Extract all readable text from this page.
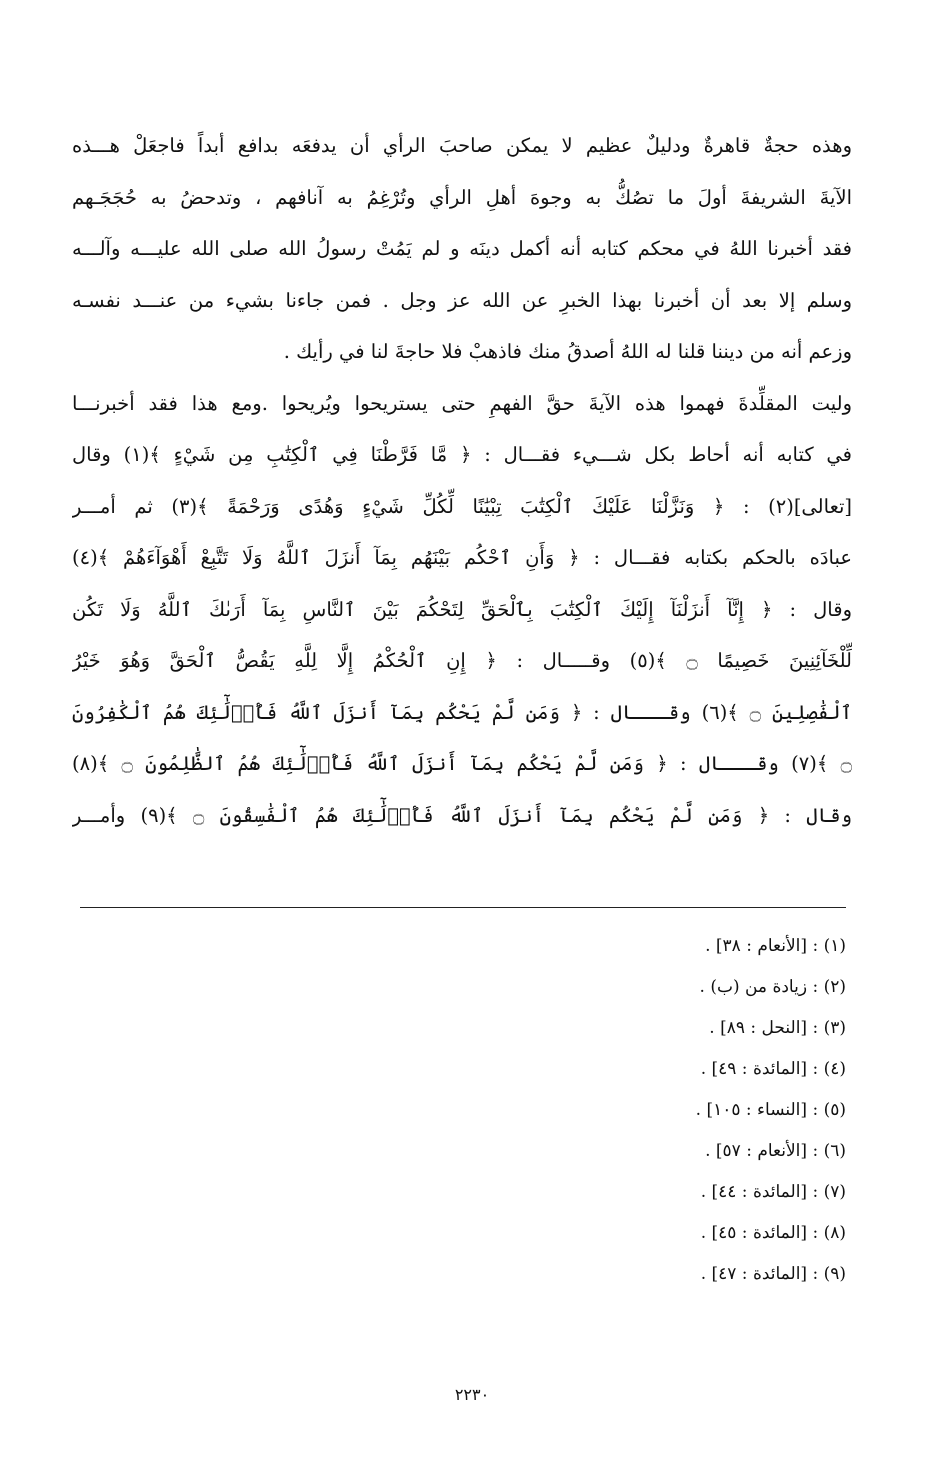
وهذه حجةٌ قاهرةٌ ودليلٌ عظيم لا يمكن صاحبَ الرأي أن يدفعَه بدافع أبداً فاجعَلْ هـــذه
الآيةَ الشريفةَ أولَ ما تصُكُّ به وجوهَ أهلِ الرأي وتُرْغِمُ به آنافهم ، وتدحضُ به حُجَجَـهم
فقد أخبرنا اللهُ في محكم كتابه أنه أكمل دينَه و لم يَمُتْ رسولُ الله صلى الله عليـــه وآلـــه
وسلم إلا بعد أن أخبرنا بهذا الخبرِ عن الله عز وجل . فمن جاءنا بشيء من عنـــد نفسـه
وزعم أنه من ديننا قلنا له اللهُ أصدقُ منك فاذهبْ فلا حاجةَ لنا في رأيك .
وليت المقلِّدةَ فهموا هذه الآيةَ حقَّ الفهمِ حتى يستريحوا ويُريحوا .ومع هذا فقد أخبرنـــا
في كتابه أنه أحاط بكل شـــيء فقـــال : ﴿ مَّا فَرَّطْنَا فِي ٱلْكِتَٰبِ مِن شَيْءٍ ﴾(١) وقال
[تعالى](٢) : ﴿ وَنَزَّلْنَا عَلَيْكَ ٱلْكِتَٰبَ تِبْيَٰنًا لِّكُلِّ شَيْءٍ وَهُدًى وَرَحْمَةً ﴾(٣) ثم أمـــر
عبادَه بالحكم بكتابه فقـــال : ﴿ وَأَنِ ٱحْكُم بَيْنَهُم بِمَآ أَنزَلَ ٱللَّهُ وَلَا تَتَّبِعْ أَهْوَآءَهُمْ ﴾(٤)
وقال : ﴿ إِنَّآ أَنزَلْنَآ إِلَيْكَ ٱلْكِتَٰبَ بِٱلْحَقِّ لِتَحْكُمَ بَيْنَ ٱلنَّاسِ بِمَآ أَرَىٰكَ ٱللَّهُ وَلَا تَكُن
لِّلْخَآئِنِينَ خَصِيمًا ۝ ﴾(٥) وقـــــال : ﴿ إِنِ ٱلْحُكْمُ إِلَّا لِلَّهِ يَقُصُّ ٱلْحَقَّ وَهُوَ خَيْرُ
ٱلْفَٰصِلِينَ ۝ ﴾(٦) وقـــال : ﴿ وَمَن لَّمْ يَحْكُم بِمَآ أَنزَلَ ٱللَّهُ فَأُو۟لَٰٓئِكَ هُمُ ٱلْكَٰفِرُونَ
۝ ﴾(٧) وقـــال : ﴿ وَمَن لَّمْ يَحْكُم بِمَآ أَنزَلَ ٱللَّهُ فَأُو۟لَٰٓئِكَ هُمُ ٱلظَّٰلِمُونَ ۝ ﴾(٨)
وقال : ﴿ وَمَن لَّمْ يَحْكُم بِمَآ أَنزَلَ ٱللَّهُ فَأُو۟لَٰٓئِكَ هُمُ ٱلْفَٰسِقُونَ ۝ ﴾(٩) وأمـــر
(١) : [الأنعام : ٣٨] .
(٢) : زيادة من (ب) .
(٣) : [النحل : ٨٩] .
(٤) : [المائدة : ٤٩] .
(٥) : [النساء : ١٠٥] .
(٦) : [الأنعام : ٥٧] .
(٧) : [المائدة : ٤٤] .
(٨) : [المائدة : ٤٥] .
(٩) : [المائدة : ٤٧] .
٢٢٣٠
